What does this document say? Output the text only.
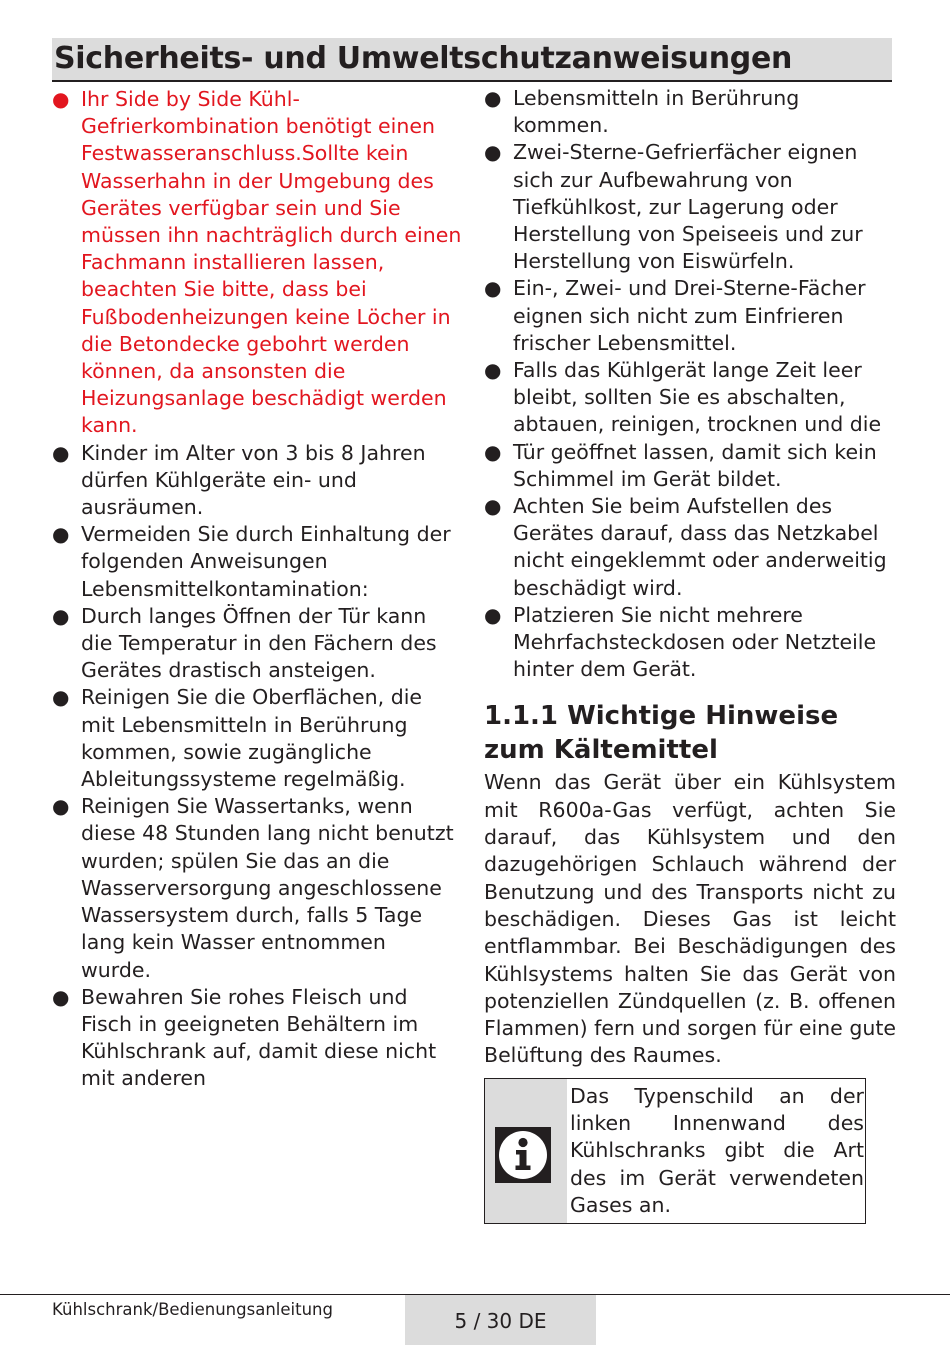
Sicherheits- und Umweltschutzanweisungen
● Ihr Side by Side Kühl-Gefrierkombination benötigt einen Festwasseranschluss.Sollte kein Wasserhahn in der Umgebung des Gerätes verfügbar sein und Sie müssen ihn nachträglich durch einen Fachmann installieren lassen, beachten Sie bitte, dass bei Fußbodenheizungen keine Löcher in die Betondecke gebohrt werden können, da ansonsten die Heizungsanlage beschädigt werden kann.
● Kinder im Alter von 3 bis 8 Jahren dürfen Kühlgeräte ein- und ausräumen.
● Vermeiden Sie durch Einhaltung der folgenden Anweisungen Lebensmittelkontamination:
● Durch langes Öffnen der Tür kann die Temperatur in den Fächern des Gerätes drastisch ansteigen.
● Reinigen Sie die Oberflächen, die mit Lebensmitteln in Berührung kommen, sowie zugängliche Ableitungssysteme regelmäßig.
● Reinigen Sie Wassertanks, wenn diese 48 Stunden lang nicht benutzt wurden; spülen Sie das an die Wasserversorgung angeschlossene Wassersystem durch, falls 5 Tage lang kein Wasser entnommen wurde.
● Bewahren Sie rohes Fleisch und Fisch in geeigneten Behältern im Kühlschrank auf, damit diese nicht mit anderen
● Lebensmitteln in Berührung kommen.
● Zwei-Sterne-Gefrierfächer eignen sich zur Aufbewahrung von Tiefkühlkost, zur Lagerung oder Herstellung von Speiseeis und zur Herstellung von Eiswürfeln.
● Ein-, Zwei- und Drei-Sterne-Fächer eignen sich nicht zum Einfrieren frischer Lebensmittel.
● Falls das Kühlgerät lange Zeit leer bleibt, sollten Sie es abschalten, abtauen, reinigen, trocknen und die
● Tür geöffnet lassen, damit sich kein Schimmel im Gerät bildet.
● Achten Sie beim Aufstellen des Gerätes darauf, dass das Netzkabel nicht eingeklemmt oder anderweitig beschädigt wird.
● Platzieren Sie nicht mehrere Mehrfachsteckdosen oder Netzteile hinter dem Gerät.
1.1.1 Wichtige Hinweise zum Kältemittel

Wenn das Gerät über ein Kühlsystem mit R600a-Gas verfügt, achten Sie darauf, das Kühlsystem und den dazugehörigen Schlauch während der Benutzung und des Transports nicht zu beschädigen. Dieses Gas ist leicht entflammbar. Bei Beschädigungen des Kühlsystems halten Sie das Gerät von potenziellen Zündquellen (z. B. offenen Flammen) fern und sorgen für eine gute Belüftung des Raumes.

Das Typenschild an der linken Innenwand des Kühlschranks gibt die Art des im Gerät verwendeten Gases an.

Kühlschrank/Bedienungsanleitung	5 / 30 DE
